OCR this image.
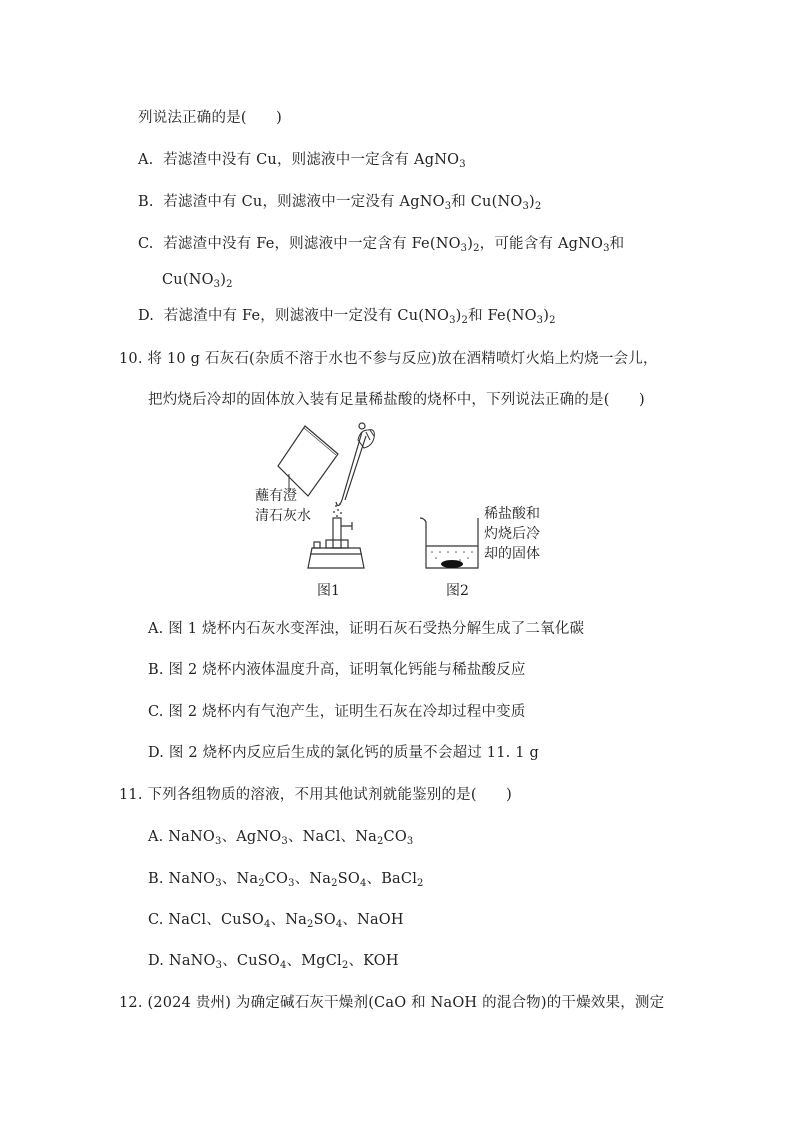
列说法正确的是(　　)
A. 若滤渣中没有 Cu，则滤液中一定含有 AgNO$_3$
B. 若滤渣中有 Cu，则滤液中一定没有 AgNO$_3$和 $Cu(NO_3)_2$
C. 若滤渣中没有 Fe，则滤液中一定含有 $Fe(NO_3)_2$，可能含有 AgNO$_3$和
$Cu(NO_3)_2$
D. 若滤渣中有 Fe，则滤液中一定没有 $Cu(NO_3)_2$和 $Fe(NO_3)_2$
10. 将 10 g 石灰石(杂质不溶于水也不参与反应)放在酒精喷灯火焰上灼烧一会儿，
把灼烧后冷却的固体放入装有足量稀盐酸的烧杯中，下列说法正确的是(　　)
蘸有澄
清石灰水
图1
稀盐酸和
灼烧后冷
却的固体
图2
A. 图 1 烧杯内石灰水变浑浊，证明石灰石受热分解生成了二氧化碳
B. 图 2 烧杯内液体温度升高，证明氧化钙能与稀盐酸反应
C. 图 2 烧杯内有气泡产生，证明生石灰在冷却过程中变质
D. 图 2 烧杯内反应后生成的氯化钙的质量不会超过 11. 1 g
11. 下列各组物质的溶液，不用其他试剂就能鉴别的是(　　)
A. NaNO$_3$、AgNO$_3$、NaCl、$Na_2CO_3$
B. NaNO$_3$、$Na_2CO_3$、$Na_2SO_4$、BaCl$_2$
C. NaCl、CuSO$_4$、$Na_2SO_4$、NaOH
D. NaNO$_3$、CuSO$_4$、MgCl$_2$、KOH
12. (2024 贵州) 为确定碱石灰干燥剂(CaO 和 NaOH 的混合物)的干燥效果，测定
